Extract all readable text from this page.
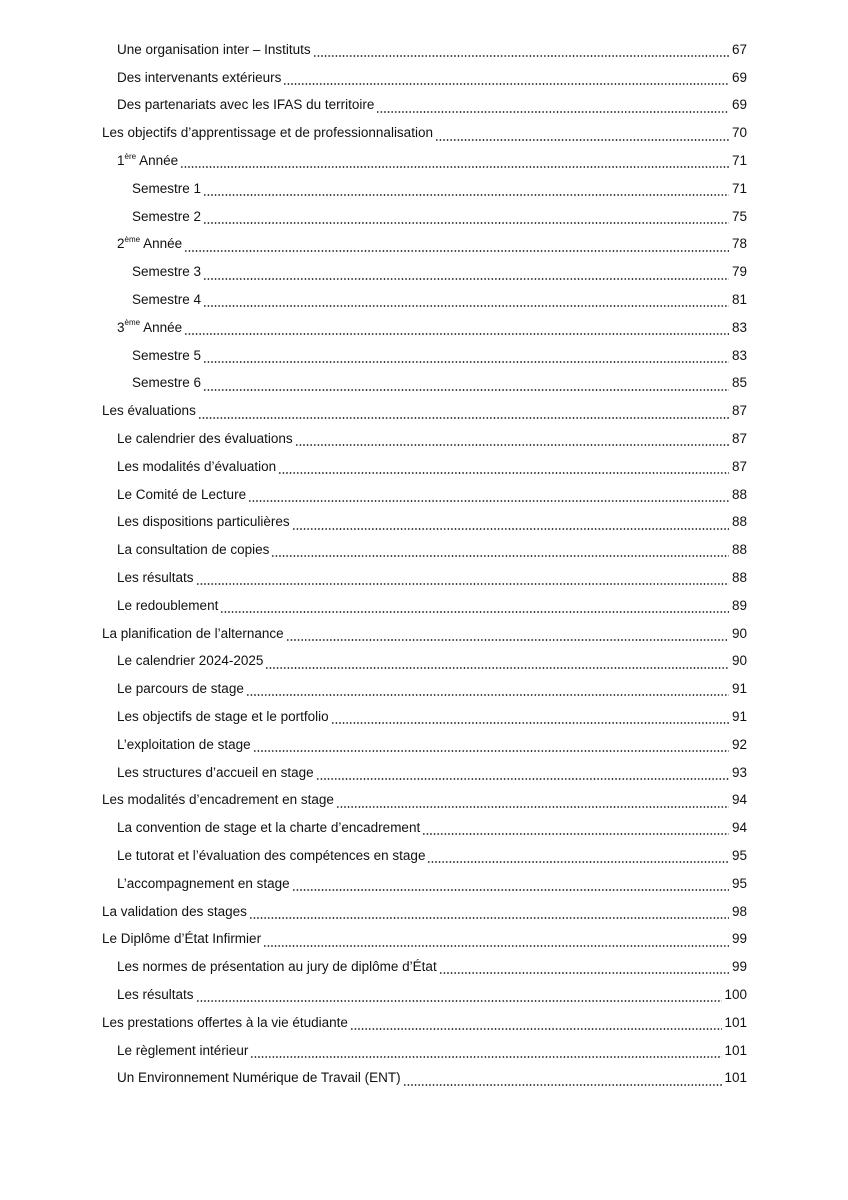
Une organisation inter – Instituts	67
Des intervenants extérieurs	69
Des partenariats avec les IFAS du territoire	69
Les objectifs d’apprentissage et de professionnalisation	70
1ère Année	71
Semestre 1	71
Semestre 2	75
2ème Année	78
Semestre 3	79
Semestre 4	81
3ème Année	83
Semestre 5	83
Semestre 6	85
Les évaluations	87
Le calendrier des évaluations	87
Les modalités d’évaluation	87
Le Comité de Lecture	88
Les dispositions particulières	88
La consultation de copies	88
Les résultats	88
Le redoublement	89
La planification de l’alternance	90
Le calendrier 2024-2025	90
Le parcours de stage	91
Les objectifs de stage et le portfolio	91
L’exploitation de stage	92
Les structures d’accueil en stage	93
Les modalités d’encadrement en stage	94
La convention de stage et la charte d’encadrement	94
Le tutorat et l’évaluation des compétences en stage	95
L’accompagnement en stage	95
La validation des stages	98
Le Diplôme d’État Infirmier	99
Les normes de présentation au jury de diplôme d’État	99
Les résultats	100
Les prestations offertes à la vie étudiante	101
Le règlement intérieur	101
Un Environnement Numérique de Travail (ENT)	101
